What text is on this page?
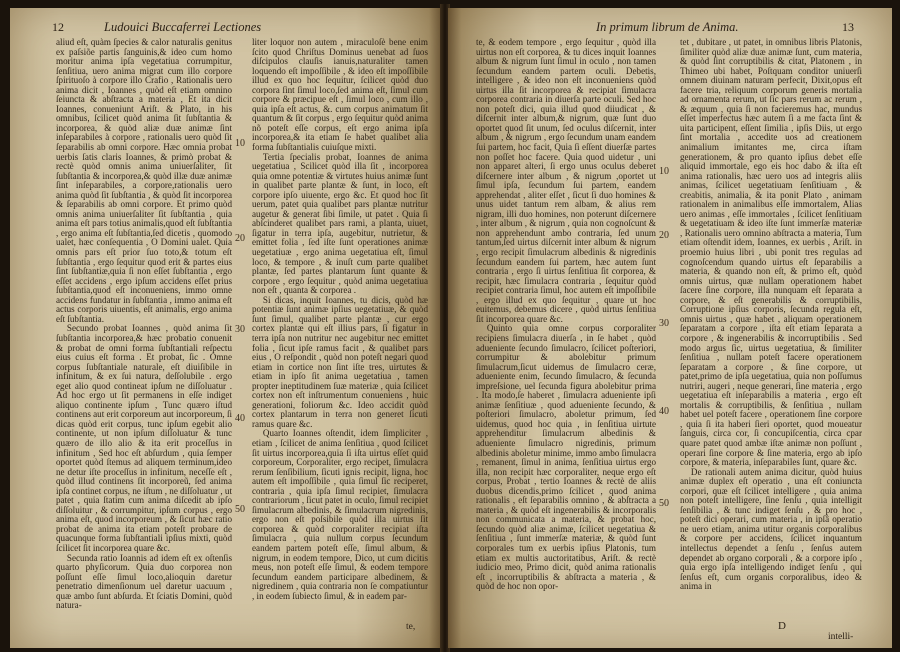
12	Ludouici Buccaferrei Lectiones

aliud eſt, quàm ſpecies & calor naturalis genitus ex paſsiõe partis ſanguinis,& ideo cum homo moritur anima ipſa vegetatiua corrumpitur, ſenſitiua, uero anima migrat cum illo corpore ſpirituoſo à corpore illo Crafio , Rationalis uero anima dicit , Ioannes , quòd eſt etiam omnino ſeiuncta & abſtracta a materia , Et ita dicit Ioannes, conueniunt Ariſt. & Plato, in his omnibus, ſcilicet quòd anima ſit ſubſtantia & incorporea, & quòd aliæ duæ animæ ſint inſeparabiles à corpore , rationalis uero quòd ſit ſeparabilis ab omni corpore. Hæc omnia probat uerbis ſatis claris Ioannes, & primò probat & rectè quòd omnis anima uniuerſaliter, ſit ſubſtantia & incorporea,& quòd illæ duæ animæ ſint inſeparabiles, a corpore,rationalis uero anima quòd ſit ſubſtantia , & quòd ſit incorporea & ſeparabilis ab omni corpore. Et primo quòd omnis anima uniuerſaliter ſit ſubſtantia , quia anima eſt pars totius animalis,quod eſt ſubſtantia , ergo anima eſt ſubſtantia,ſed dicetis , quomodo ualet, hæc conſequentia , O Domini ualet. Quia omnis pars eſt prior ſuo toto,& totum eſt ſubſtantia , ergo ſequitur quod erit & partes eius ſint ſubſtantiæ,quia ſi non eſſet ſubſtantia , ergo eſſet accidens , ergo ipſum accidens eſſet prius ſubſtantia,quod eſt inconueniens, immo omne accidens fundatur in ſubſtantia , immo anima eſt actus corporis uiuentis, eſt animalis, ergo anima eſt ſubſtantia.

Secundo probat Ioannes , quòd anima ſit ſubſtantia incorporea,& hæc probatio conuenit & probat de omni forma ſubſtantiali reſpectu eius cuius eſt forma . Et probat, ſic . Omne corpus ſubſtantiale naturale, eſt diuiſibile in infinitum, & ex ſui natura, deſſolubile . ergo eget alio quod contineat ipſum ne diſſoluatur . Ad hoc ergo ut ſit permanens in eſſe indiget aliquo continente ipſum , Tunc quæro iſtud continens aut erit corporeum aut incorporeum, ſi dicas quòd erit corpus, tunc ipſum egebit alio continente, ut non ipſum diſſoluatur & tunc quæro de illo alio & ita erit proceſſus in infinitum , Sed hoc eſt abſurdum , quia ſemper oportet quòd ſtemus ad aliquem terminum,ideo ne detur iſte proceſſus in infinitum, neceſſe eſt , quòd illud continens ſit incorporeũ, ſed anima ipſa continet corpus, ne iſtum , ne diſſoluatur , ut patet , quia ſtatim cum anima diſcedit ab ipſo diſſoluitur , & corrumpitur, ipſum corpus , ergo anima eſt, quod incorporeum , & ſicut hæc ratio probat de anima ita etiam poteſt probare de quacunque forma ſubſtantiali ipſius mixti, quòd ſcilicet ſit incorporea quare &c.

Secunda ratio Ioannis ad idem eſt ex oſtenſis quarto phyſicorum. Quia duo corporea non poſſunt eſſe ſimul loco,alioquin daretur penetratio dimenſionum uel daretur uacuum , quæ ambo ſunt abſurda. Et ſciatis Domini, quòd natura-

10
20
30
40
50

liter loquor non autem , miraculoſè bene enim ſcito quod Chriſtus Dominus uenebat ad ſuos diſcipulos clauſis ianuis,naturaliter tamen loquendo eſt impoſſibile , & ideo eſt impoſſibile illud ex quo hoc ſequitur, ſcilicet quòd duo corpora ſint ſimul loco,ſed anima eſt, ſimul cum corpore & præcipue eſt , ſimul loco , cum illo , quia ipſa eſt actus, &. cum corpus animatum ſit quantum & ſit corpus , ergo ſequitur quòd anima nõ poteſt eſſe corpus, eſt ergo anima ipſa incorporea,& ita etiam ſe habet qualibet alia forma ſubſtantialis cuiuſque mixti.

Tertia ſpecialis probat, Ioannes de anima uegetatiua , Scilicet quòd illa ſit , incorporea quia omne potentiæ & virtutes huius animæ ſunt in qualibet parte plantæ & ſunt, in loco, eſt corpore ipſo uiuente, ergo &c. Et quod hoc ſit uerum, patet quia qualibet pars plantæ nutritur augetur & generat ſibi ſimile, ut patet . Quia ſi abſcinderet qualibet pars rami, a planta, uiuet, ſigatur in terra ipſa, augebitur, nutrietur, & emittet folia , ſed iſte ſunt operationes animæ uegetatiuæ , ergo anima uegetatiua eſt, ſimul loco, & tempore , & inuſt cum parte qualibet plantæ, ſed partes plantarum ſunt quante & corpore , ergo ſequitur , quòd anima uegetatiua non eſt , quanta & corporea .

Si dicas, inquit Ioannes, tu dicis, quòd hæ potentiæ ſunt animæ ipſius uegetatiuæ, & quòd ſunt ſimul, qualibet parte plantæ , cur ergo cortex plantæ qui eſt illius pars, ſi figatur in terra ipſa non nutritur nec augebitur nec emittet folia , ſicut ipſe ramus facit , & qualibet pars eius , O reſpondit , quòd non poteſt negari quod etiam in cortice non ſint iſte tres, uirtutes & etiam in ipſo ſit anima uegetatiua , tamen propter ineptitudinem ſuæ materiæ , quia ſcilicet cortex non eſt inſtrumentum conueniens , huic generationi, foliorum &c. Ideo accidit quòd cortex plantarum in terra non generet ſicuti ramus quare &c.

Quarto Ioannes oſtendit, idem ſimpliciter , etiam , ſcilicet de anima ſenſitiua , quod ſcilicet ſit uirtus incorporea,quia ſi iſta uirtus eſſet quid corporeum, Corporaliter, ergo recipet, ſimulacra rerum ſenſibilium, ſicuti ignis recipit, ligna, hoc autem eſt impoſſibile , quia ſimul ſic reciperet, contraria , quia ipſa ſimul recipiet, ſimulacra contrariorum , ſicut patet in oculo, ſimul recipiet ſimulacrum albedinis, & ſimulacrum nigredinis, ergo non eſt poſsibile quòd illa uirtus ſit corporea & quòd corporaliter recipiat iſta ſimulacra , quia nullum corpus ſecundum eandem partem poteſt eſſe, ſimul album, & nigrum, in eodem tempore, Dico, ut cum dicitis meus, non poteſt eſſe ſimul, & eodem tempore ſecundum eandem participare albedinem, & nigredinem , quia contraria non ſe compatiuntur , in eodem ſubiecto ſimul, & in eadem par-

te,
In primum librum de Anima.	13

te, & eodem tempore , ergo ſequitur , quòd illa uirtus non eſt corporea, & tu dices inquit Ioannes album & nigrum ſunt ſimul in oculo , non tamen ſecundum eandem partem oculi. Debetis, intelligere , & ideo non eſt inconueniens quòd uirtus illa ſit incorporea & recipiat ſimulacra corporea contraria in diuerſa parte oculi. Sed hoc non poteſt dici, quia illud quod diiudicat , & diſcernit inter album,& nigrum, quæ ſunt duo oportet quod ſit unum, ſed oculus diſcernit, inter album , & nigrum , ergo ſecundum unam eandem ſui partem, hoc facit, Quia ſi eſſent diuerſæ partes non poſſet hoc facere. Quia quod uidetur , uni non apparet alteri, ſi ergo unus oculus deberet diſcernere inter album , & nigrum ,oportet ut ſimul ipſa, ſecundum ſui partem, eandem apprehendat , aliter eſſet , ſicut ſi duo homines & unus uidet tantum rem albam, & alius rem nigram, illi duo homines, non poterunt diſcernere , inter album , & nigrum , quia non cognoſcunt & non apprehendunt ambo contraria, ſed unum tantum,ſed uirtus diſcernit inter album & nigrum , ergo recipit ſimulacrum albedinis & nigredinis ſecundum eandem ſui partem, hæc autem ſunt contraria , ergo ſi uirtus ſenſitiua ſit corporea, & recipit, hæc ſimulacra contraria , ſequitur quòd recipiet contraria ſimul, hoc autem eſt impoſſibile , ergo illud ex quo ſequitur , quare ut hoc euitemus, debemus dicere , quòd uirtus ſenſitiua ſit incorporea quare &c.

Quinto quia omne corpus corporaliter recipiens ſimulacra diuerſa , in ſe habet , quòd adueniente ſecundo ſimulacro, ſcilicet poſteriori, corrumpitur & abolebitur primum ſimulacrum,ſicut uidemus de ſimulacro ceræ, adueniente enim, ſecundo ſimulacro, & ſecunda impreſsione, uel ſecunda figura abolebitur prima . Ita modo,ſe haberet , ſimulacra adueniente ipſi animæ ſenſitiuæ , quod adueniente ſecundo, & poſteriori ſimulacro, aboletur primum, ſed uidemus, quod hoc quia , in ſenſitiua uirtute apprehenditur ſimulacrum albedinis & adueniente ſimulacro nigredinis, primum albedinis aboletur minime, immo ambo ſimulacra , remanent, ſimul in anima, ſenſitiua uirtus ergo illa, non recipit hæc corporaliter, neque ergo eſt corpus, Probat , tertio Ioannes & rectè de aliis duobus dicendis,primo ſcilicet , quod anima rationalis , eſt ſeparabilis omnino , & abſtracta a materia , & quòd eſt ingenerabilis & incorporalis non communicata a materia, & probat hoc, ſecundo quòd aliæ animæ, ſcilicet uegetatiua & ſenſitiua , ſunt immerſæ materiæ, & quòd ſunt corporales tum ex uerbis ipſius Platonis, tum etiam ex multis auctoritatibus, Ariſt. & rectè iudicio meo, Primo dicit, quòd anima rationalis eſt , incorruptibilis & abſtracta a materia , & quòd de hoc non opor-

10
20
30
40
50

tet , dubitare , ut patet, in omnibus libris Platonis, ſimiliter quòd aliæ duæ animæ ſunt, cum materia, & quòd ſint corruptibilis & citat, Platonem , in Thimeo ubi habet, Poſtquam conditor uniuerſi omnem diuinam naturam perfecit, Dixit,opus eſt facere tria, reliquum corporum generis mortalia ad ornamenta rerum, ut ſic pars rerum ac rerum , & æquum , quia ſi non facieremus hac, mundus eſſet imperfectus hæc autem ſi a me facta ſint & uita participent, eſſent ſimilia , ipſis Diis, ut ergo ſint mortalia , accedite uos ad creationem animalium imitantes me, circa iſtam generationem, & pro quanto ipſius debet eſſe aliquid immortale, ego eis hoc dabo & iſta eſt anima rationalis, hæc uero uos ad integris aliis animas, ſcilicet uegetatiuam ſenſitiuam , & creabitis, animalia, & ita ponit Plato , animam rationalem in animalibus eſſe immortalem, Alias uero animas , eſſe immortales , ſcilicet ſenſitiuam & uegetatiuam & ideo iſte ſunt immerſæ materiæ , Rationalis uero omnino abſtracta a materia, Tum etiam oſtendit idem, Ioannes, ex uerbis , Ariſt. in proemio huius libri , ubi ponit tres regulas ad cognoſcendum quando uirtus eſt ſeparabilis a materia, & quando non eſt, & primo eſt, quòd omnis uirtus, quæ nullam operationem habet ſacere ſine corpore, illa nunquam eſt ſeparata a corpore, & eſt generabilis & corruptibilis, Corruptione ipſius corporis, ſecunda regula eſt, omnis uirtus , quæ habet , aliquam operationem ſeparatam a corpore , iſta eſt etiam ſeparata a corpore , & ingenerabilis & incorruptibilis . Sed modo argus ſic, uirtus uegetatiua, & ſimiliter ſenſitiua , nullam poteſt facere operationem ſeparatam a corpore , & ſine corpore, ut patet,primo de ipſa uegetatiua, quia non poſſumus nutriri, augeri , neque generari, ſine materia , ergo uegetatiua eſt inſeparabilis a materia , ergo eſt mortalis & corruptibilis, & ſenſitiua , nullam habet uel poteſt facere , operationem ſine corpore , quia ſi ita haberi ſieri oportet, quod moueatur ſanguis, circa cor, ſi concupiſcentia, circa cpar quare patet quod ambæ iſtæ animæ non poſſunt , operari ſine corpore & ſine materia, ergo ab ipſo corpore, & materia, inſeparabiles ſunt, quare &c.

De rationali autem anima dicitur, quòd huius animæ duplex eſt operatio , una eſt coniuncta corpori, quæ eſt ſcilicet intelligere , quia anima non poteſt intelligere, ſine ſenſu , quia intelligit ſenſibilia , & tunc indiget ſenſu , & pro hoc , poteſt dici operari, cum materia , in ipſâ operatio ne uero etiam, anima utitur organis corporalibus & corpore per accidens, ſcilicet inquantum intellectus dependet a ſenſu , ſenſus autem dependet ab organo corporali , & a corpore ipſo , quia ergo ipſa intelligendo indiget ſenſu , qui ſenſus eſt, cum organis corporalibus, ideo & anima in

D
intelli-
